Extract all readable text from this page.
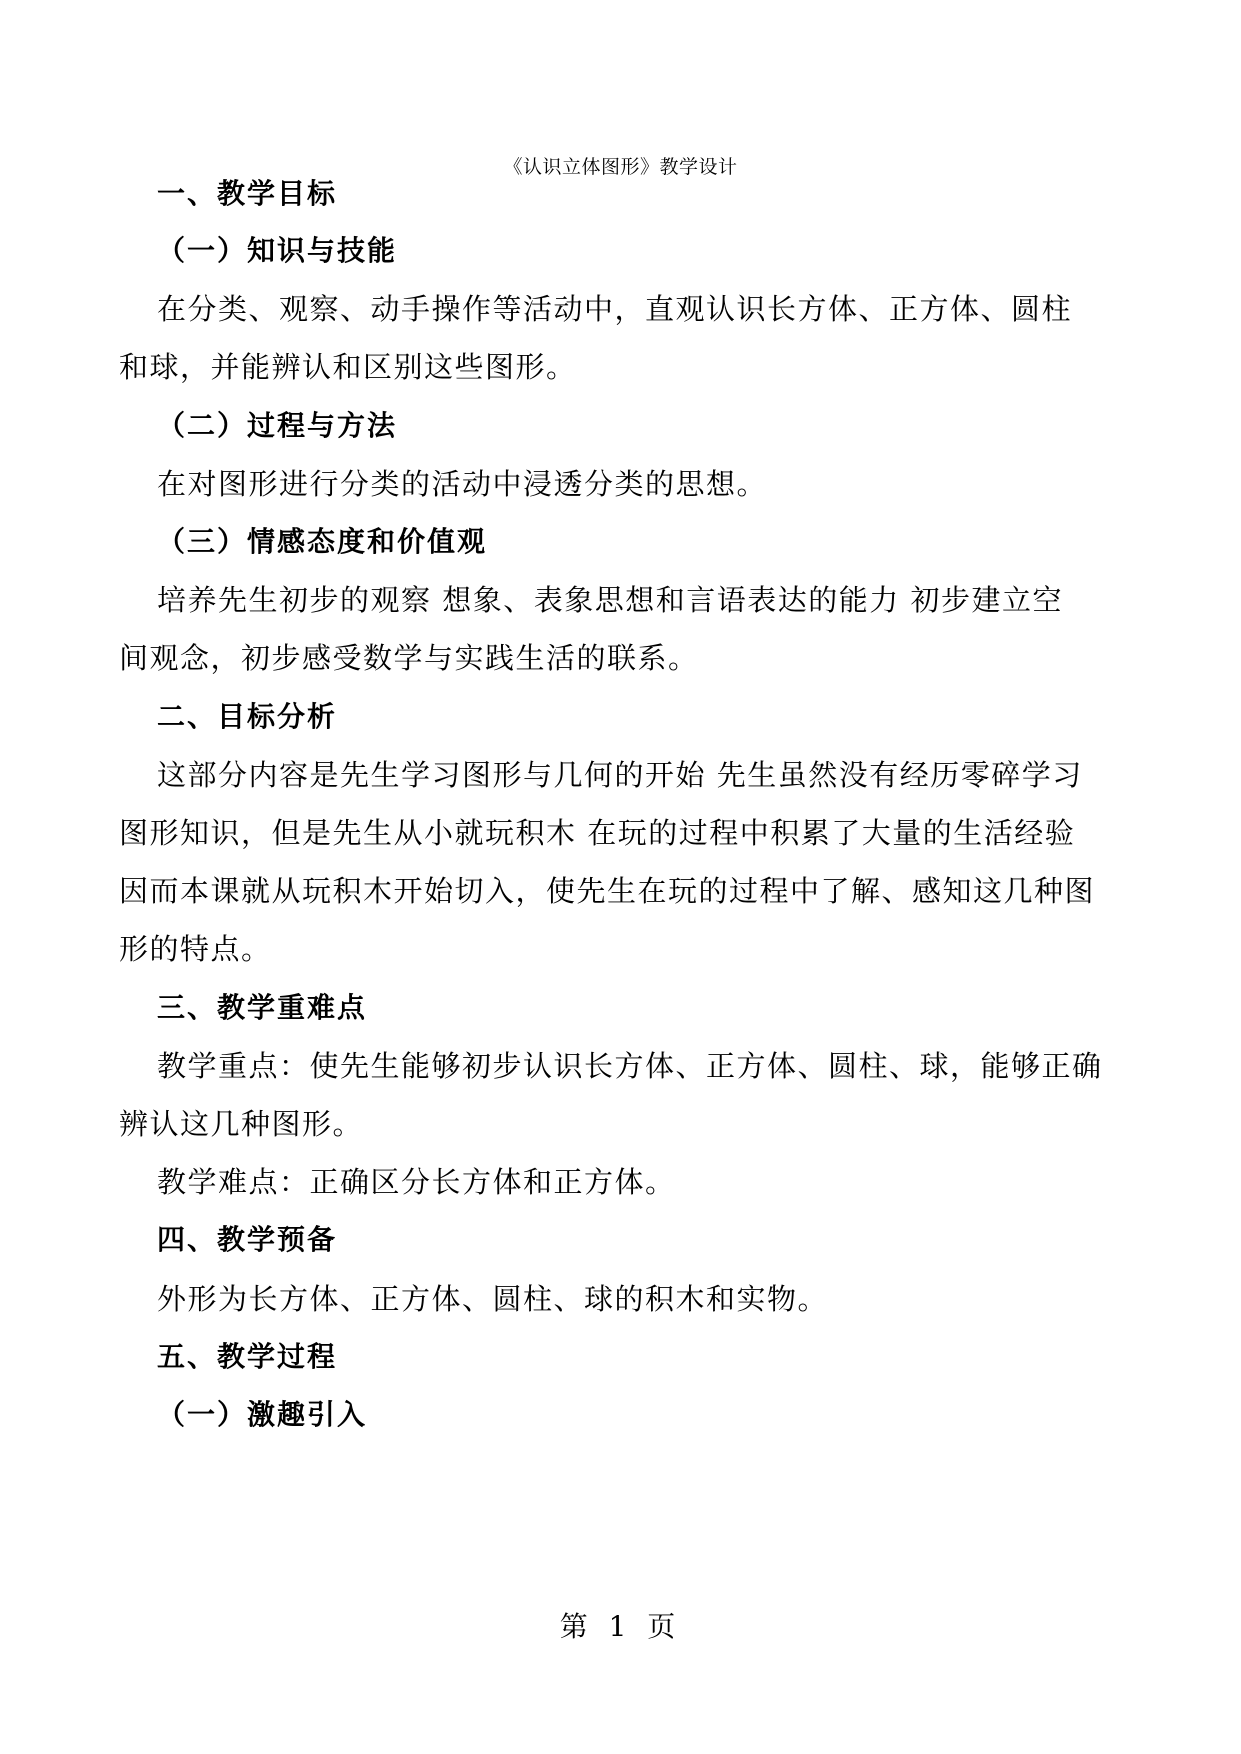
《认识立体图形》教学设计
一、教学目标
（一）知识与技能
在分类、观察、动手操作等活动中，直观认识长方体、正方体、圆柱
和球，并能辨认和区别这些图形。
（二）过程与方法
在对图形进行分类的活动中浸透分类的思想。
（三）情感态度和价值观
培养先生初步的观察 想象、表象思想和言语表达的能力 初步建立空
间观念，初步感受数学与实践生活的联系。
二、目标分析
这部分内容是先生学习图形与几何的开始 先生虽然没有经历零碎学习
图形知识，但是先生从小就玩积木 在玩的过程中积累了大量的生活经验
因而本课就从玩积木开始切入，使先生在玩的过程中了解、感知这几种图
形的特点。
三、教学重难点
教学重点：使先生能够初步认识长方体、正方体、圆柱、球，能够正确
辨认这几种图形。
教学难点：正确区分长方体和正方体。
四、教学预备
外形为长方体、正方体、圆柱、球的积木和实物。
五、教学过程
（一）激趣引入
第 1 页
